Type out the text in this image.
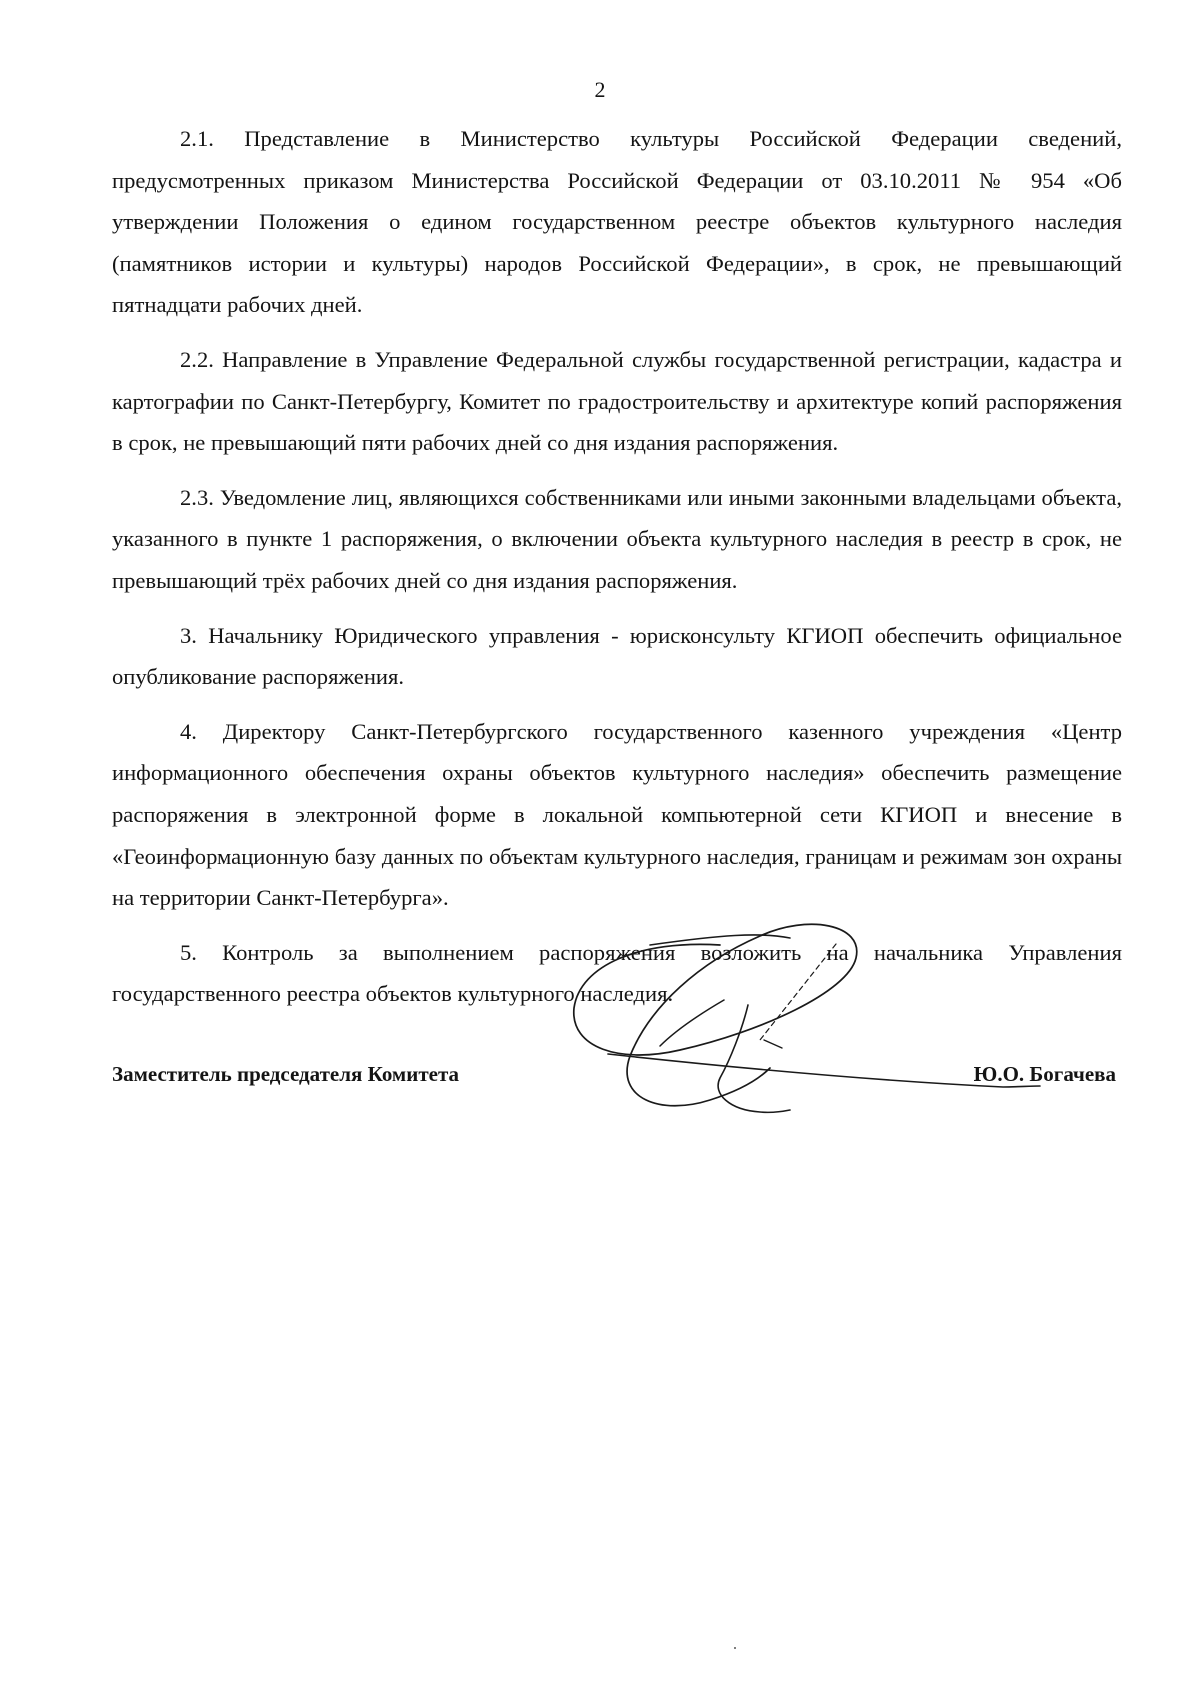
2

2.1. Представление в Министерство культуры Российской Федерации сведений, предусмотренных приказом Министерства Российской Федерации от 03.10.2011 № 954 «Об утверждении Положения о едином государственном реестре объектов культурного наследия (памятников истории и культуры) народов Российской Федерации», в срок, не превышающий пятнадцати рабочих дней.

2.2. Направление в Управление Федеральной службы государственной регистрации, кадастра и картографии по Санкт-Петербургу, Комитет по градостроительству и архитектуре копий распоряжения в срок, не превышающий пяти рабочих дней со дня издания распоряжения.

2.3. Уведомление лиц, являющихся собственниками или иными законными владельцами объекта, указанного в пункте 1 распоряжения, о включении объекта культурного наследия в реестр в срок, не превышающий трёх рабочих дней со дня издания распоряжения.

3. Начальнику Юридического управления - юрисконсульту КГИОП обеспечить официальное опубликование распоряжения.

4. Директору Санкт-Петербургского государственного казенного учреждения «Центр информационного обеспечения охраны объектов культурного наследия» обеспечить размещение распоряжения в электронной форме в локальной компьютерной сети КГИОП и внесение в «Геоинформационную базу данных по объектам культурного наследия, границам и режимам зон охраны на территории Санкт-Петербурга».

5. Контроль за выполнением распоряжения возложить на начальника Управления государственного реестра объектов культурного наследия.

Заместитель председателя Комитета	Ю.О. Богачева
